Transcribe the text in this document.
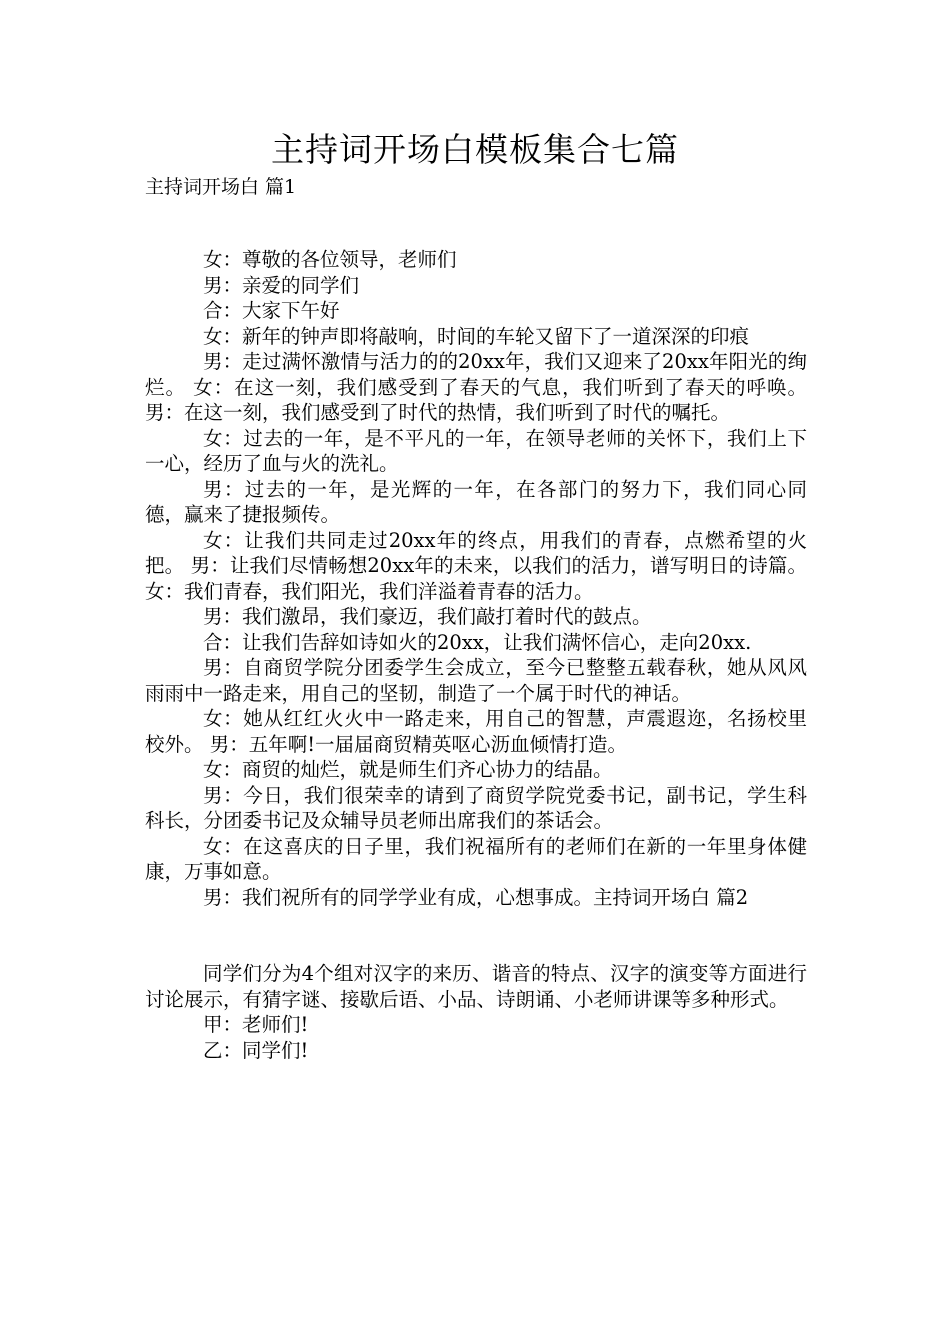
主持词开场白模板集合七篇
主持词开场白 篇1

女：尊敬的各位领导，老师们

男：亲爱的同学们

合：大家下午好

女：新年的钟声即将敲响，时间的车轮又留下了一道深深的印痕

男：走过满怀激情与活力的的20xx年，我们又迎来了20xx年阳光的绚烂。 女：在这一刻，我们感受到了春天的气息，我们听到了春天的呼唤。 男：在这一刻，我们感受到了时代的热情，我们听到了时代的嘱托。

女：过去的一年，是不平凡的一年，在领导老师的关怀下，我们上下一心，经历了血与火的洗礼。

男：过去的一年，是光辉的一年，在各部门的努力下，我们同心同德，赢来了捷报频传。

女：让我们共同走过20xx年的终点，用我们的青春，点燃希望的火把。 男：让我们尽情畅想20xx年的未来，以我们的活力，谱写明日的诗篇。 女：我们青春，我们阳光，我们洋溢着青春的活力。

男：我们激昂，我们豪迈，我们敲打着时代的鼓点。

合：让我们告辞如诗如火的20xx，让我们满怀信心，走向20xx.

男：自商贸学院分团委学生会成立，至今已整整五载春秋，她从风风雨雨中一路走来，用自己的坚韧，制造了一个属于时代的神话。

女：她从红红火火中一路走来，用自己的智慧，声震遐迩，名扬校里校外。 男：五年啊!一届届商贸精英呕心沥血倾情打造。

女：商贸的灿烂，就是师生们齐心协力的结晶。

男：今日，我们很荣幸的请到了商贸学院党委书记，副书记，学生科科长，分团委书记及众辅导员老师出席我们的茶话会。

女：在这喜庆的日子里，我们祝福所有的老师们在新的一年里身体健康，万事如意。

男：我们祝所有的同学学业有成，心想事成。主持词开场白 篇2

同学们分为4个组对汉字的来历、谐音的特点、汉字的演变等方面进行讨论展示，有猜字谜、接歇后语、小品、诗朗诵、小老师讲课等多种形式。

甲：老师们!

乙：同学们!
